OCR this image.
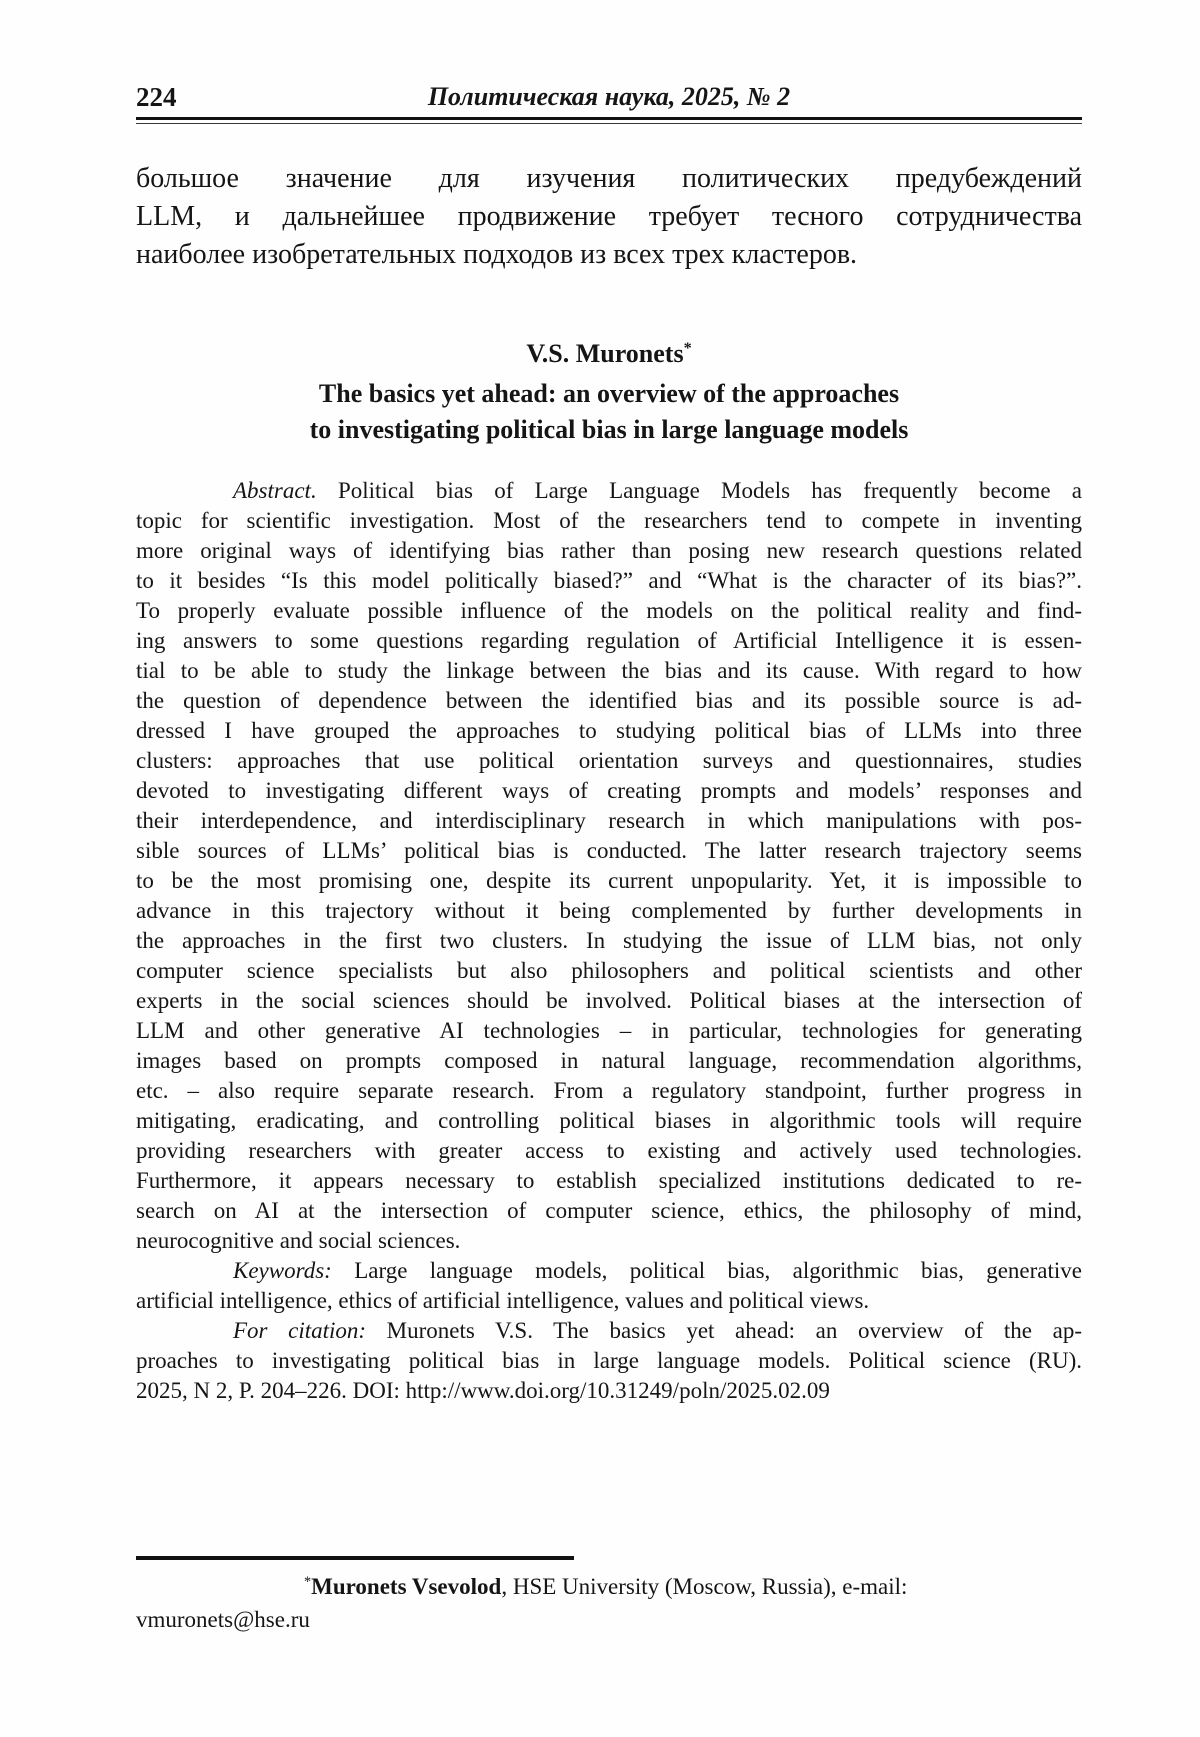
224	Политическая наука, 2025, № 2
большое значение для изучения политических предубеждений
LLM, и дальнейшее продвижение требует тесного сотрудничества
наиболее изобретательных подходов из всех трех кластеров.
V.S. Muronets*
The basics yet ahead: an overview of the approaches
to investigating political bias in large language models
Abstract. Political bias of Large Language Models has frequently become a
topic for scientific investigation. Most of the researchers tend to compete in inventing
more original ways of identifying bias rather than posing new research questions related
to it besides “Is this model politically biased?” and “What is the character of its bias?”.
To properly evaluate possible influence of the models on the political reality and find-
ing answers to some questions regarding regulation of Artificial Intelligence it is essen-
tial to be able to study the linkage between the bias and its cause. With regard to how
the question of dependence between the identified bias and its possible source is ad-
dressed I have grouped the approaches to studying political bias of LLMs into three
clusters: approaches that use political orientation surveys and questionnaires, studies
devoted to investigating different ways of creating prompts and models’ responses and
their interdependence, and interdisciplinary research in which manipulations with pos-
sible sources of LLMs’ political bias is conducted. The latter research trajectory seems
to be the most promising one, despite its current unpopularity. Yet, it is impossible to
advance in this trajectory without it being complemented by further developments in
the approaches in the first two clusters. In studying the issue of LLM bias, not only
computer science specialists but also philosophers and political scientists and other
experts in the social sciences should be involved. Political biases at the intersection of
LLM and other generative AI technologies – in particular, technologies for generating
images based on prompts composed in natural language, recommendation algorithms,
etc. – also require separate research. From a regulatory standpoint, further progress in
mitigating, eradicating, and controlling political biases in algorithmic tools will require
providing researchers with greater access to existing and actively used technologies.
Furthermore, it appears necessary to establish specialized institutions dedicated to re-
search on AI at the intersection of computer science, ethics, the philosophy of mind,
neurocognitive and social sciences.
Keywords: Large language models, political bias, algorithmic bias, generative
artificial intelligence, ethics of artificial intelligence, values and political views.
For citation: Muronets V.S. The basics yet ahead: an overview of the ap-
proaches to investigating political bias in large language models. Political science (RU).
2025, N 2, P. 204–226. DOI: http://www.doi.org/10.31249/poln/2025.02.09
*Muronets Vsevolod, HSE University (Moscow, Russia), e-mail: vmuronets@hse.ru
